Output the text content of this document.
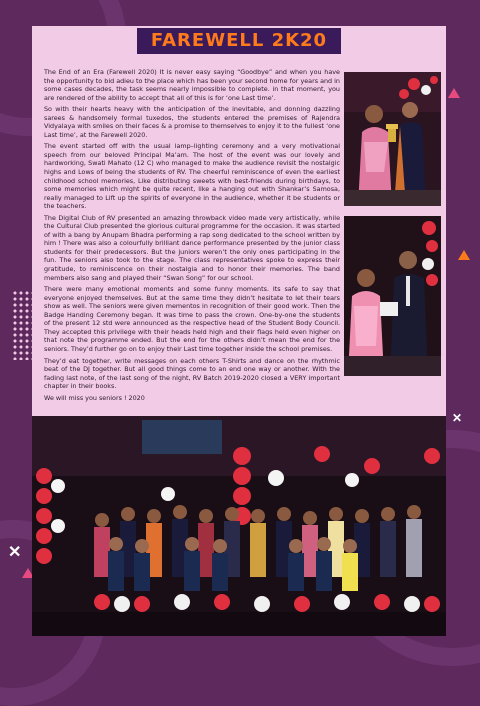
✕
✕
FAREWELL 2K20

The End of an Era (Farewell 2020) It is never easy saying “Goodbye” and when you have the opportunity to bid adieu to the place which has been your second home for years and in some cases decades, the task seems nearly impossible to complete. in that moment, you are rendered of the ability to accept that all of this is for ‘one Last time’.

So with their hearts heavy with the anticipation of the inevitable, and donning dazzling sarees & handsomely formal tuxedos, the students entered the premises of Rajendra Vidyalaya with smiles on their faces & a promise to themselves to enjoy it to the fullest ‘one Last time’, at the Farewell 2020.

The event started off with the usual lamp–lighting ceremony and a very motivational speech from our beloved Principal Ma’am. The host of the event was our lovely and hardworking, Swati Mahato (12 C) who managed to make the audience revisit the nostalgic highs and Lows of being the students of RV. The cheerful reminiscence of even the earliest childhood school memories, Like distributing sweets with best-friends during birthdays, to some memories which might be quite recent, like a hanging out with Shankar’s Samosa, really managed to Lift up the spirits of everyone in the audience, whether it be students or the teachers.

The Digital Club of RV presented an amazing throwback video made very artistically, while the Cultural Club presented the glorious cultural programme for the occasion. It was started of with a bang by Anupam Bhadra performing a rap song dedicated to the school written by him ! There was also a colourfully brilliant dance performance presented by the junior class students for their predecessors. But the juniors weren’t the only ones participating in the fun. The seniors also took to the stage. The class representatives spoke to express their gratitude, to reminiscence on their nostalgia and to honor their memories. The band members also sang and played their “Swan Song” for our school.

There were many emotional moments and some funny moments. Its safe to say that everyone enjoyed themselves. But at the same time they didn’t hesitate to let their tears show as well. The seniors were given mementos in recognition of their good work. Then the Badge Handing Ceremony began. It was time to pass the crown. One-by-one the students of the present 12 std were announced as the respective head of the Student Body Council. They accepted this privilege with their heads held high and their flags held even higher on that note the programme ended. But the end for the others didn’t mean the end for the seniors. They’d further go on to enjoy their Last time together inside the school premises.

They’d eat together, write messages on each others T-Shirts and dance on the rhythmic beat of the DJ together. But all good things come to an end one way or another. With the fading last note, of the last song of the night, RV Batch 2019-2020 closed a VERY important chapter in their books.

We will miss you seniors ! 2020
